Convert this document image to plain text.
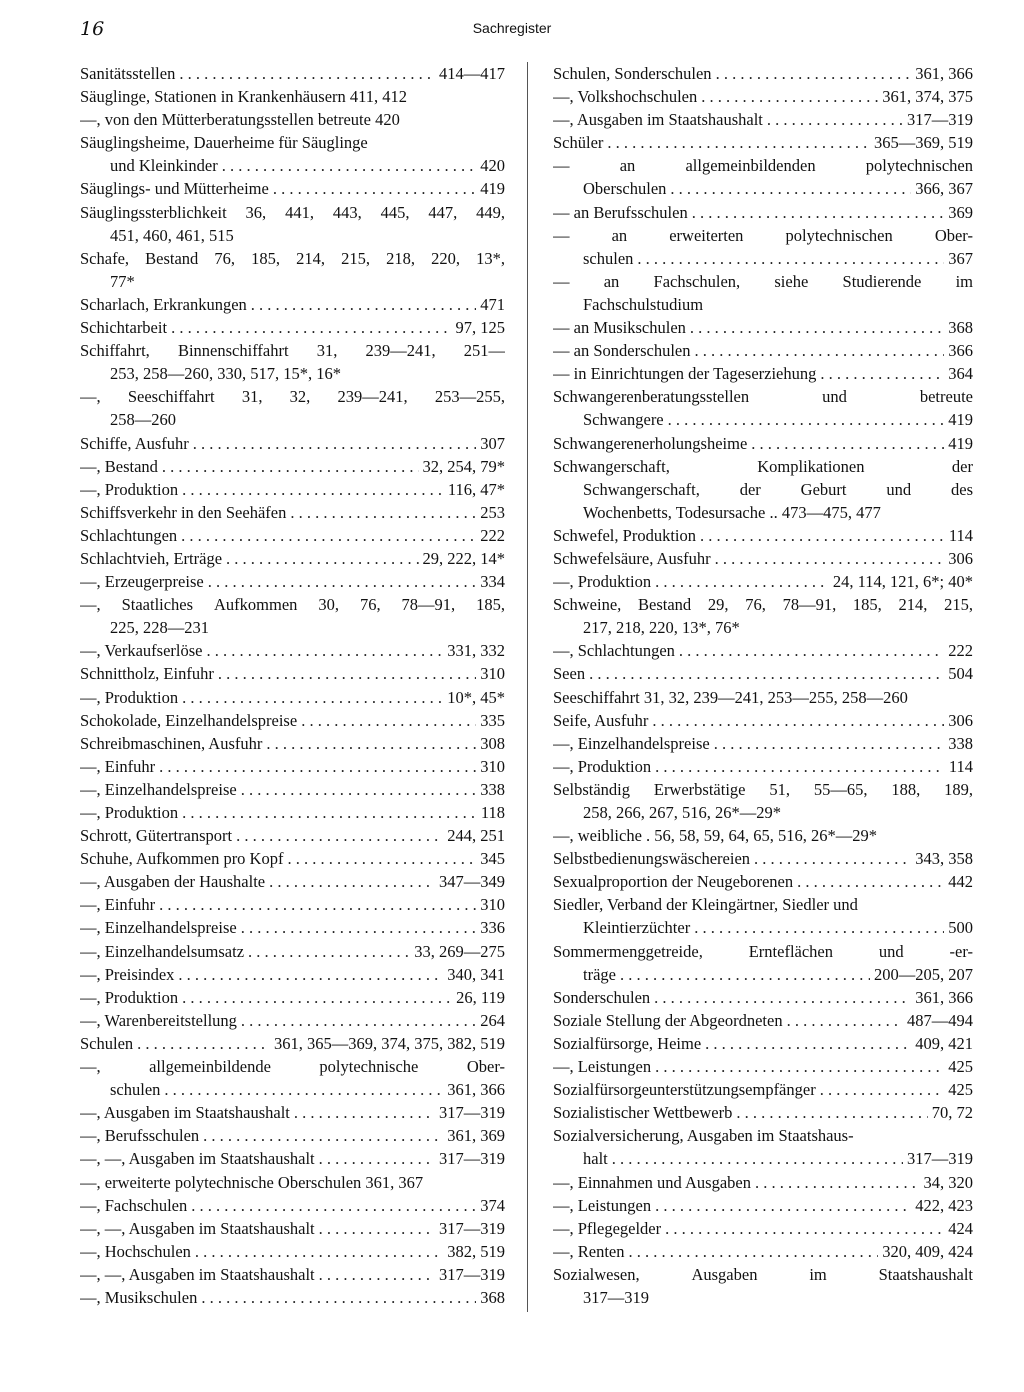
16	Sachregister
Sanitätsstellen . . .	414—417
Säuglinge, Stationen in Krankenhäusern 411, 412
—, von den Mütterberatungsstellen betreute 420
Säuglingsheime, Dauerheime für Säuglinge
und Kleinkinder . . .	420
Säuglings- und Mütterheime . . .	419
Säuglingssterblichkeit 36, 441, 443, 445, 447, 449,
451, 460, 461, 515
Schafe, Bestand 76, 185, 214, 215, 218, 220, 13*,
77*
Scharlach, Erkrankungen . . .	471
Schichtarbeit . . .	97, 125
Schiffahrt, Binnenschiffahrt 31, 239—241, 251—
253, 258—260, 330, 517, 15*, 16*
—, Seeschiffahrt 31, 32, 239—241, 253—255,
258—260
Schiffe, Ausfuhr . . .	307
—, Bestand . . .	32, 254, 79*
—, Produktion . . .	116, 47*
Schiffsverkehr in den Seehäfen . . .	253
Schlachtungen . . .	222
Schlachtvieh, Erträge . . .	29, 222, 14*
—, Erzeugerpreise . . .	334
—, Staatliches Aufkommen 30, 76, 78—91, 185,
225, 228—231
—, Verkaufserlöse . . .	331, 332
Schnittholz, Einfuhr . . .	310
—, Produktion . . .	10*, 45*
Schokolade, Einzelhandelspreise . . .	335
Schreibmaschinen, Ausfuhr . . .	308
—, Einfuhr . . .	310
—, Einzelhandelspreise . . .	338
—, Produktion . . .	118
Schrott, Gütertransport . . .	244, 251
Schuhe, Aufkommen pro Kopf . . .	345
—, Ausgaben der Haushalte . . .	347—349
—, Einfuhr . . .	310
—, Einzelhandelspreise . . .	336
—, Einzelhandelsumsatz . . .	33, 269—275
—, Preisindex . . .	340, 341
—, Produktion . . .	26, 119
—, Warenbereitstellung . . .	264
Schulen . . .	361, 365—369, 374, 375, 382, 519
—,	allgemeinbildende	polytechnische	Ober-
schulen . . .	361, 366
—, Ausgaben im Staatshaushalt . . .	317—319
—, Berufsschulen . . .	361, 369
—, —, Ausgaben im Staatshaushalt . . .	317—319
—, erweiterte polytechnische Oberschulen 361, 367
—, Fachschulen . . .	374
—, —, Ausgaben im Staatshaushalt . . .	317—319
—, Hochschulen . . .	382, 519
—, —, Ausgaben im Staatshaushalt . . .	317—319
—, Musikschulen . . .	368
Schulen, Sonderschulen . . .	361, 366
—, Volkshochschulen . . .	361, 374, 375
—, Ausgaben im Staatshaushalt . . .	317—319
Schüler . . .	365—369, 519
—	an	allgemeinbildenden	polytechnischen
Oberschulen . . .	366, 367
— an Berufsschulen . . .	369
—	an	erweiterten	polytechnischen	Ober-
schulen . . .	367
— an Fachschulen, siehe Studierende im
Fachschulstudium
— an Musikschulen . . .	368
— an Sonderschulen . . .	366
— in Einrichtungen der Tageserziehung . . .	364
Schwangerenberatungsstellen	und	betreute
Schwangere . . .	419
Schwangerenerholungsheime . . .	419
Schwangerschaft,	Komplikationen	der
Schwangerschaft, der Geburt und des
Wochenbetts, Todesursache .. 473—475, 477
Schwefel, Produktion . . .	114
Schwefelsäure, Ausfuhr . . .	306
—, Produktion . . .	24, 114, 121, 6*; 40*
Schweine, Bestand 29, 76, 78—91, 185, 214, 215,
217, 218, 220, 13*, 76*
—, Schlachtungen . . .	222
Seen . . .	504
Seeschiffahrt 31, 32, 239—241, 253—255, 258—260
Seife, Ausfuhr . . .	306
—, Einzelhandelspreise . . .	338
—, Produktion . . .	114
Selbständig Erwerbstätige 51, 55—65, 188, 189,
258, 266, 267, 516, 26*—29*
—, weibliche . 56, 58, 59, 64, 65, 516, 26*—29*
Selbstbedienungswäschereien . . .	343, 358
Sexualproportion der Neugeborenen . . .	442
Siedler, Verband der Kleingärtner, Siedler und
Kleintierzüchter . . .	500
Sommermenggetreide,	Ernteflächen	und	-er-
träge . . .	200—205, 207
Sonderschulen . . .	361, 366
Soziale Stellung der Abgeordneten . . .	487—494
Sozialfürsorge, Heime . . .	409, 421
—, Leistungen . . .	425
Sozialfürsorgeunterstützungsempfänger . . .	425
Sozialistischer Wettbewerb . . .	70, 72
Sozialversicherung, Ausgaben im Staatshaus-
halt . . .	317—319
—, Einnahmen und Ausgaben . . .	34, 320
—, Leistungen . . .	422, 423
—, Pflegegelder . . .	424
—, Renten . . .	320, 409, 424
Sozialwesen,	Ausgaben	im	Staatshaushalt
317—319
